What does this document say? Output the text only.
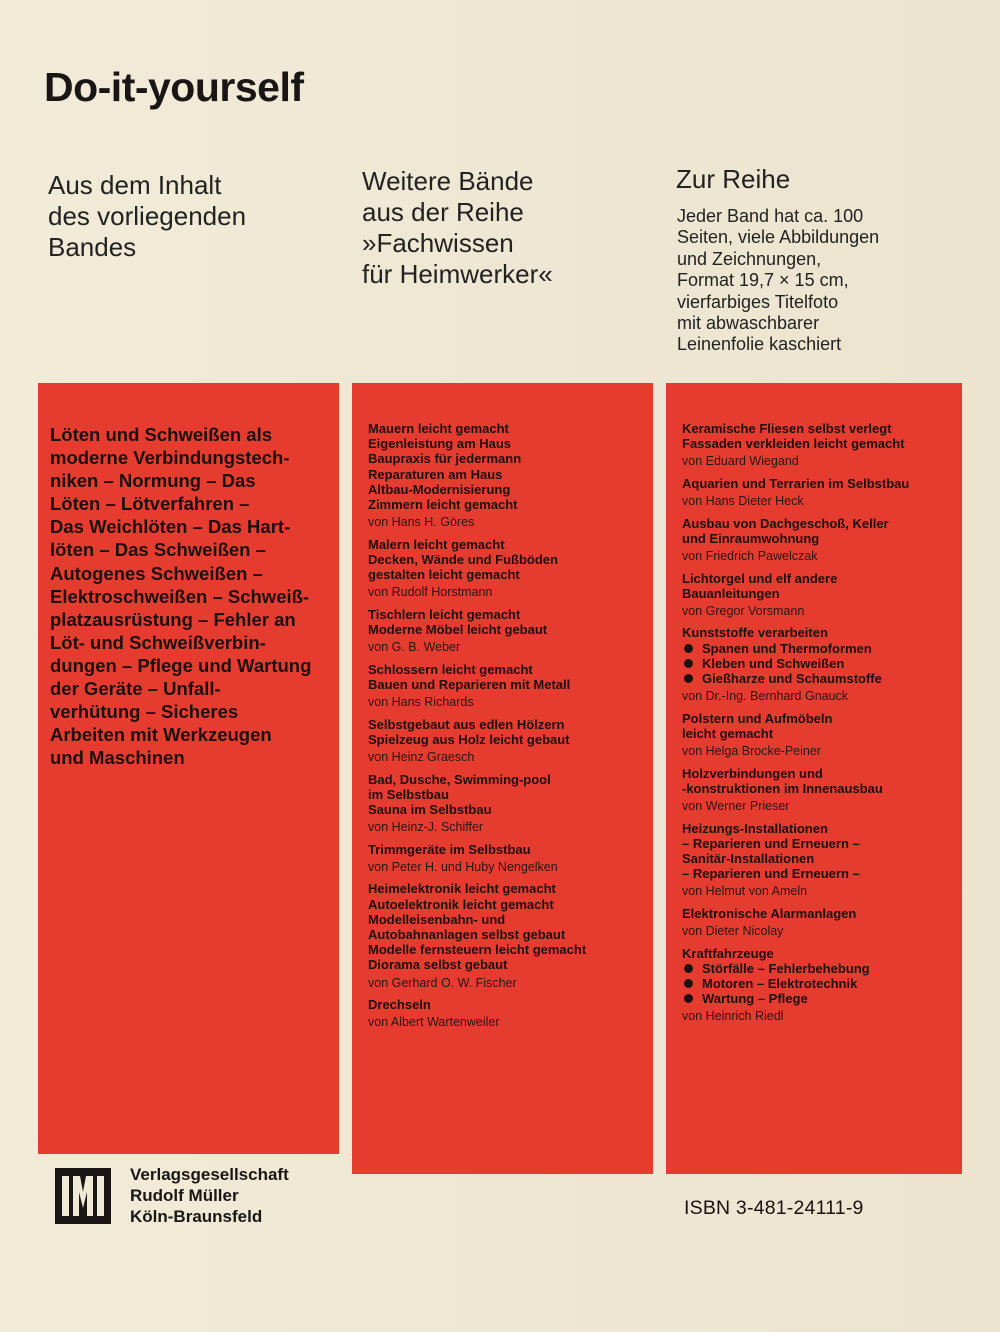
Do-it-yourself
Aus dem Inhalt
des vorliegenden
Bandes
Weitere Bände
aus der Reihe
»Fachwissen
für Heimwerker«
Zur Reihe
Jeder Band hat ca. 100
Seiten, viele Abbildungen
und Zeichnungen,
Format 19,7 × 15 cm,
vierfarbiges Titelfoto
mit abwaschbarer
Leinenfolie kaschiert
Löten und Schweißen als
moderne Verbindungstech-
niken – Normung – Das
Löten – Lötverfahren –
Das Weichlöten – Das Hart-
löten – Das Schweißen –
Autogenes Schweißen –
Elektroschweißen – Schweiß-
platzausrüstung – Fehler an
Löt- und Schweißverbin-
dungen – Pflege und Wartung
der Geräte – Unfall-
verhütung – Sicheres
Arbeiten mit Werkzeugen
und Maschinen
Mauern leicht gemacht
Eigenleistung am Haus
Baupraxis für jedermann
Reparaturen am Haus
Altbau-Modernisierung
Zimmern leicht gemacht
von Hans H. Göres
Malern leicht gemacht
Decken, Wände und Fußböden
gestalten leicht gemacht
von Rudolf Horstmann
Tischlern leicht gemacht
Moderne Möbel leicht gebaut
von G. B. Weber
Schlossern leicht gemacht
Bauen und Reparieren mit Metall
von Hans Richards
Selbstgebaut aus edlen Hölzern
Spielzeug aus Holz leicht gebaut
von Heinz Graesch
Bad, Dusche, Swimming-pool
im Selbstbau
Sauna im Selbstbau
von Heinz-J. Schiffer
Trimmgeräte im Selbstbau
von Peter H. und Huby Nengelken
Heimelektronik leicht gemacht
Autoelektronik leicht gemacht
Modelleisenbahn- und
Autobahnanlagen selbst gebaut
Modelle fernsteuern leicht gemacht
Diorama selbst gebaut
von Gerhard O. W. Fischer
Drechseln
von Albert Wartenweiler
Keramische Fliesen selbst verlegt
Fassaden verkleiden leicht gemacht
von Eduard Wiegand
Aquarien und Terrarien im Selbstbau
von Hans Dieter Heck
Ausbau von Dachgeschoß, Keller
und Einraumwohnung
von Friedrich Pawelczak
Lichtorgel und elf andere
Bauanleitungen
von Gregor Vorsmann
Kunststoffe verarbeiten
Spanen und Thermoformen
Kleben und Schweißen
Gießharze und Schaumstoffe
von Dr.-Ing. Bernhard Gnauck
Polstern und Aufmöbeln
leicht gemacht
von Helga Brocke-Peiner
Holzverbindungen und
-konstruktionen im Innenausbau
von Werner Prieser
Heizungs-Installationen
– Reparieren und Erneuern –
Sanitär-Installationen
– Reparieren und Erneuern –
von Helmut von Ameln
Elektronische Alarmanlagen
von Dieter Nicolay
Kraftfahrzeuge
Störfälle – Fehlerbehebung
Motoren – Elektrotechnik
Wartung – Pflege
von Heinrich Riedl
ISBN 3-481-24111-9
Verlagsgesellschaft
Rudolf Müller
Köln-Braunsfeld
